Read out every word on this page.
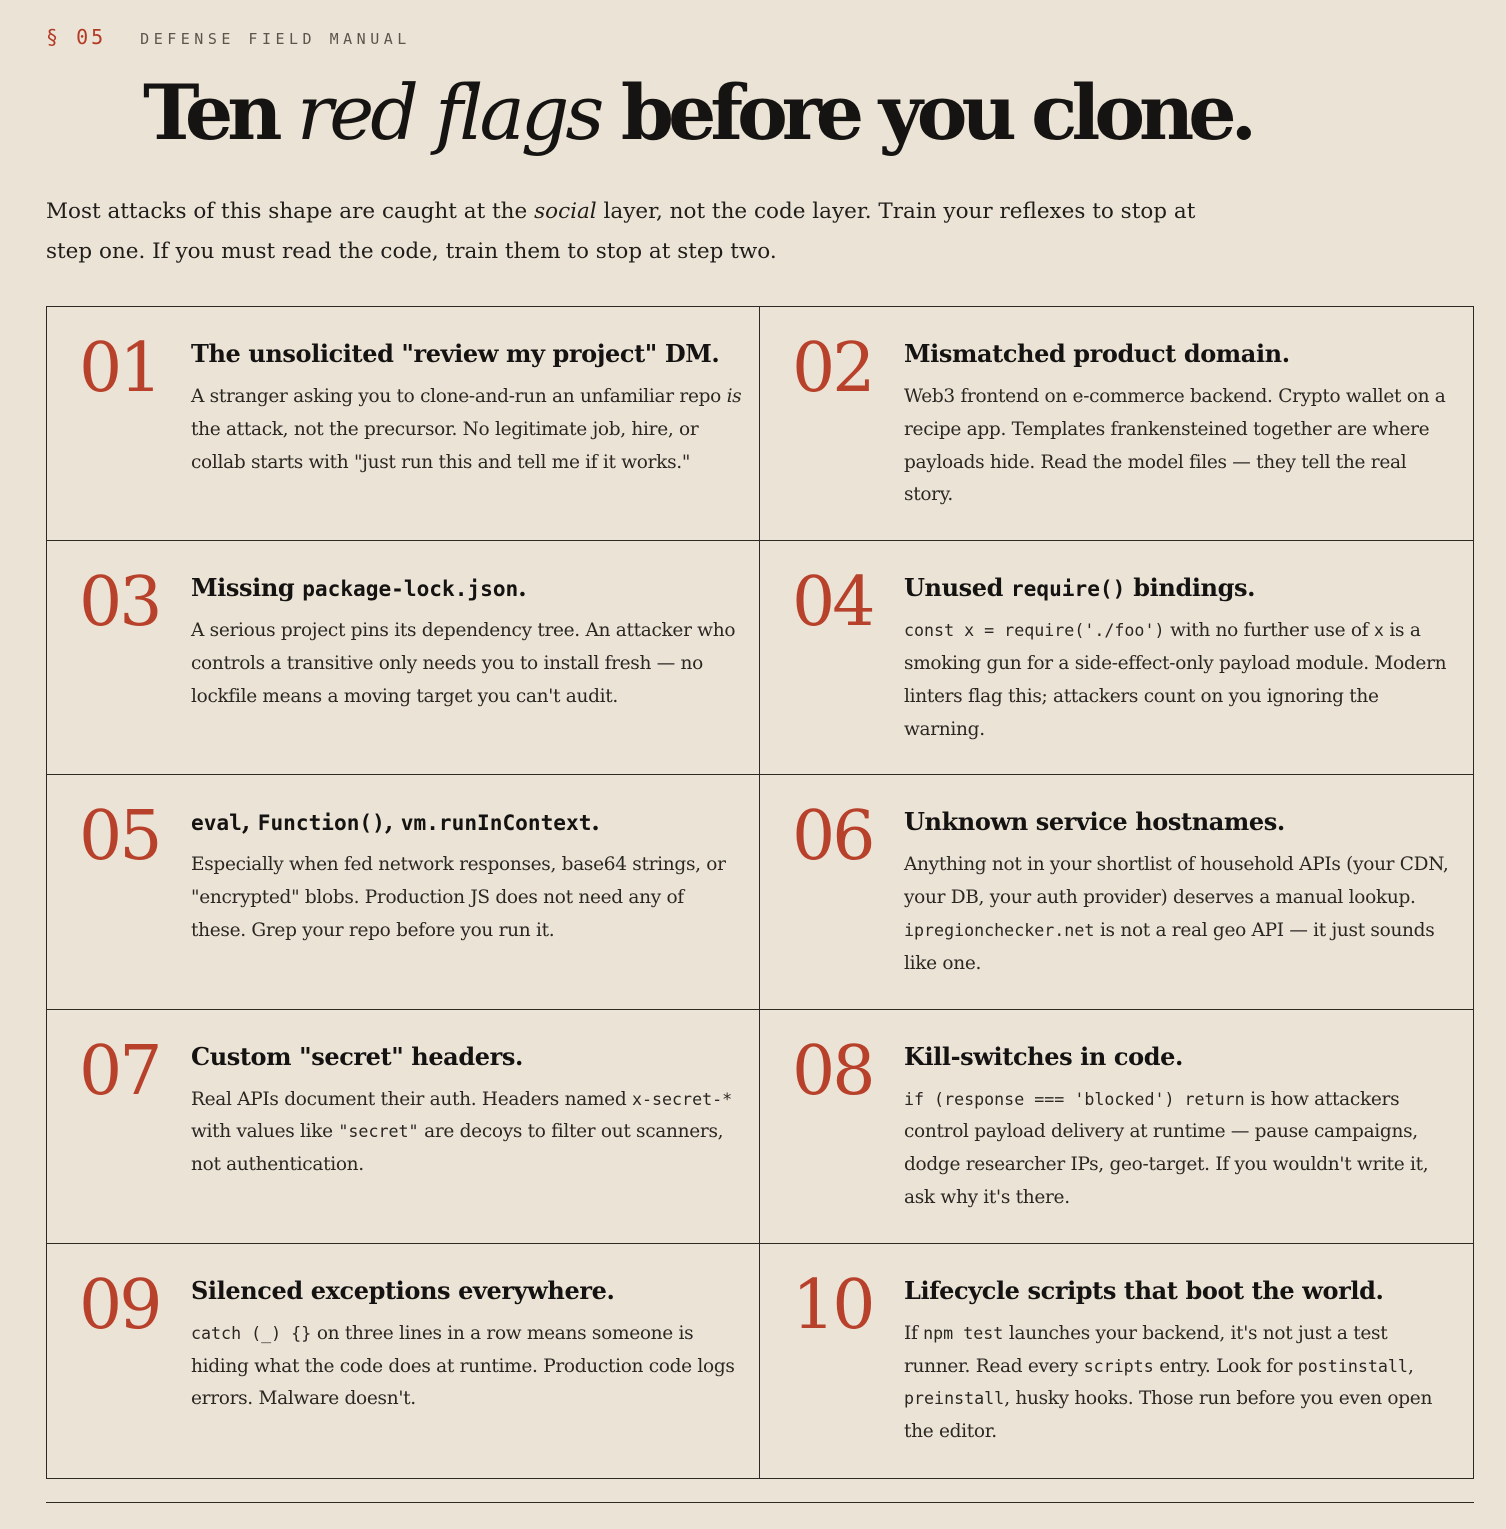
§ 05 DEFENSE FIELD MANUAL
Ten red flags before you clone.

Most attacks of this shape are caught at the social layer, not the code layer. Train your reflexes to stop at step one. If you must read the code, train them to stop at step two.

01 The unsolicited "review my project" DM.

A stranger asking you to clone-and-run an unfamiliar repo is the attack, not the precursor. No legitimate job, hire, or collab starts with "just run this and tell me if it works."

02 Mismatched product domain.

Web3 frontend on e-commerce backend. Crypto wallet on a recipe app. Templates frankensteined together are where payloads hide. Read the model files — they tell the real story.

03 Missing package-lock.json.

A serious project pins its dependency tree. An attacker who controls a transitive only needs you to install fresh — no lockfile means a moving target you can't audit.

04 Unused require() bindings.

const x = require('./foo') with no further use of x is a smoking gun for a side-effect-only payload module. Modern linters flag this; attackers count on you ignoring the warning.

05 eval, Function(), vm.runInContext.

Especially when fed network responses, base64 strings, or "encrypted" blobs. Production JS does not need any of these. Grep your repo before you run it.

06 Unknown service hostnames.

Anything not in your shortlist of household APIs (your CDN, your DB, your auth provider) deserves a manual lookup. ipregionchecker.net is not a real geo API — it just sounds like one.

07 Custom "secret" headers.

Real APIs document their auth. Headers named x-secret-* with values like "secret" are decoys to filter out scanners, not authentication.

08 Kill-switches in code.

if (response === 'blocked') return is how attackers control payload delivery at runtime — pause campaigns, dodge researcher IPs, geo-target. If you wouldn't write it, ask why it's there.

09 Silenced exceptions everywhere.

catch (_) {} on three lines in a row means someone is hiding what the code does at runtime. Production code logs errors. Malware doesn't.

10 Lifecycle scripts that boot the world.

If npm test launches your backend, it's not just a test runner. Read every scripts entry. Look for postinstall, preinstall, husky hooks. Those run before you even open the editor.
